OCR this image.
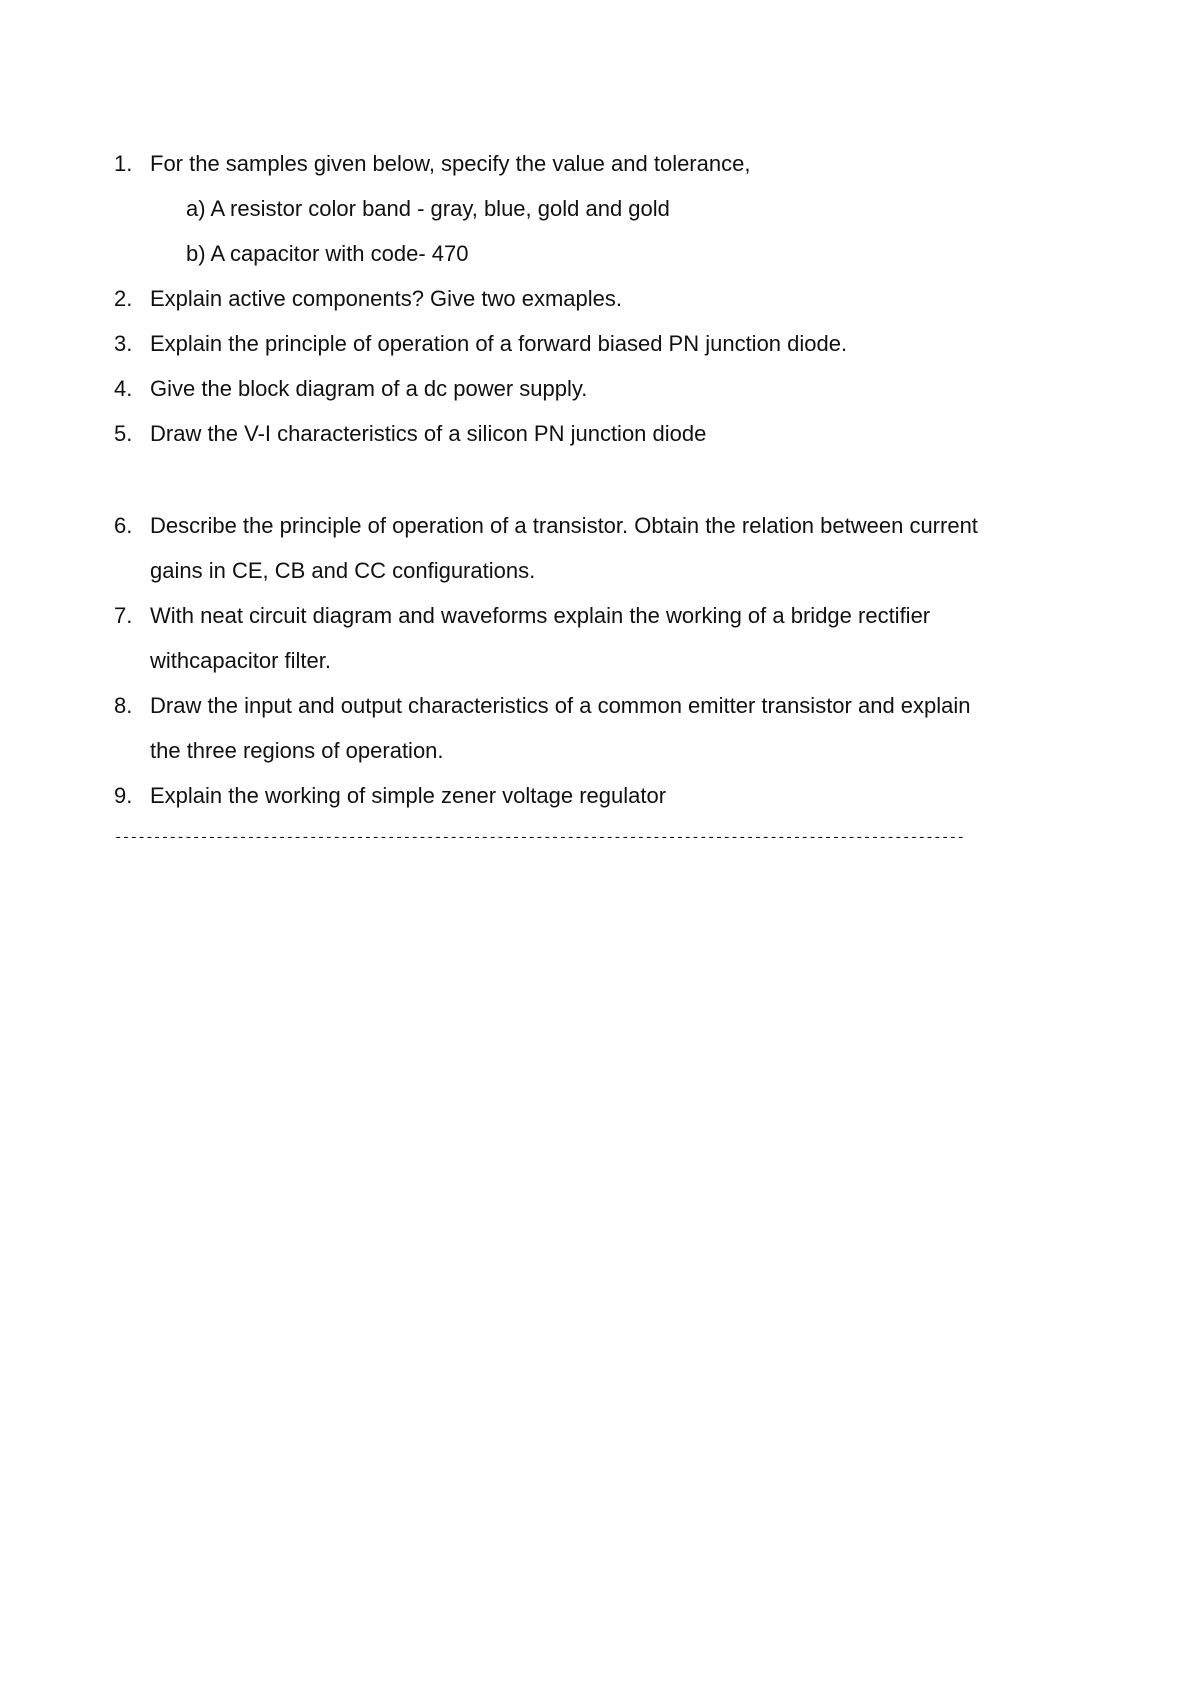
1. For the samples given below, specify the value and tolerance,
a) A resistor color band - gray, blue, gold and gold
b) A capacitor with code- 470
2. Explain active components? Give two exmaples.
3. Explain the principle of operation of a forward biased PN junction diode.
4. Give the block diagram of a dc power supply.
5. Draw the V-I characteristics of a silicon PN junction diode
6. Describe the principle of operation of a transistor. Obtain the relation between current
gains in CE, CB and CC configurations.
7. With neat circuit diagram and waveforms explain the working of a bridge rectifier
withcapacitor filter.
8. Draw the input and output characteristics of a common emitter transistor and explain
the three regions of operation.
9. Explain the working of simple zener voltage regulator
-------------------------------------------------------------------------------------------------------------
